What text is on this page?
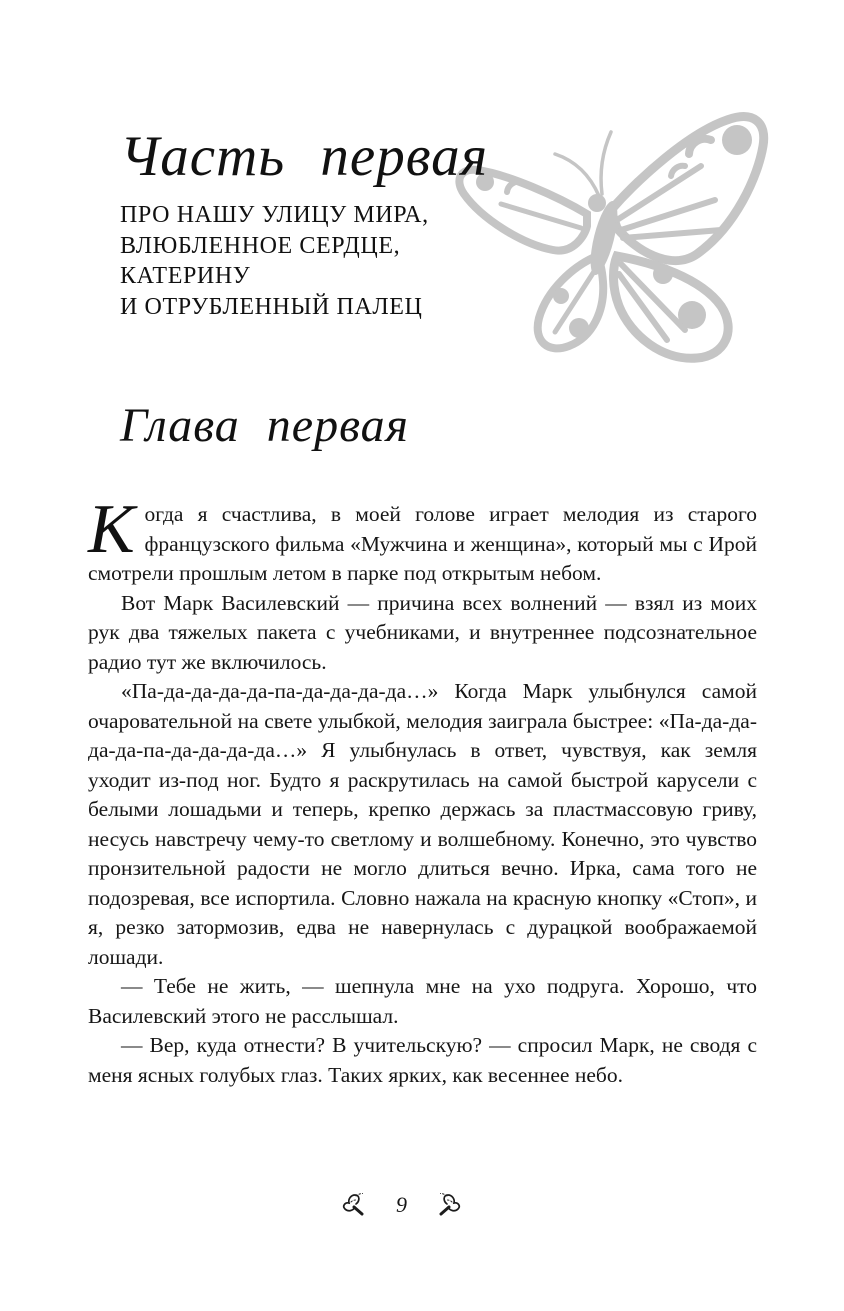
Часть первая
ПРО НАШУ УЛИЦУ МИРА,
ВЛЮБЛЕННОЕ СЕРДЦЕ,
КАТЕРИНУ
И ОТРУБЛЕННЫЙ ПАЛЕЦ
Глава первая

Когда я счастлива, в моей голове играет мелодия из старого французского фильма «Мужчина и женщина», который мы с Ирой смотрели прошлым летом в парке под открытым небом.

Вот Марк Василевский — причина всех волнений — взял из моих рук два тяжелых пакета с учебниками, и внутреннее подсознательное радио тут же включилось.

«Па-да-да-да-да-па-да-да-да-да…» Когда Марк улыбнулся самой очаровательной на свете улыбкой, мелодия заиграла быстрее: «Па-да-да-да-да-па-да-да-да-да…» Я улыбнулась в ответ, чувствуя, как земля уходит из-под ног. Будто я раскрутилась на самой быстрой карусели с белыми лошадьми и теперь, крепко держась за пластмассовую гриву, несусь навстречу чему-то светлому и волшебному. Конечно, это чувство пронзительной радости не могло длиться вечно. Ирка, сама того не подозревая, все испортила. Словно нажала на красную кнопку «Стоп», и я, резко затормозив, едва не навернулась с дурацкой воображаемой лошади.

— Тебе не жить, — шепнула мне на ухо подруга. Хорошо, что Василевский этого не расслышал.

— Вер, куда отнести? В учительскую? — спросил Марк, не сводя с меня ясных голубых глаз. Таких ярких, как весеннее небо.

9
